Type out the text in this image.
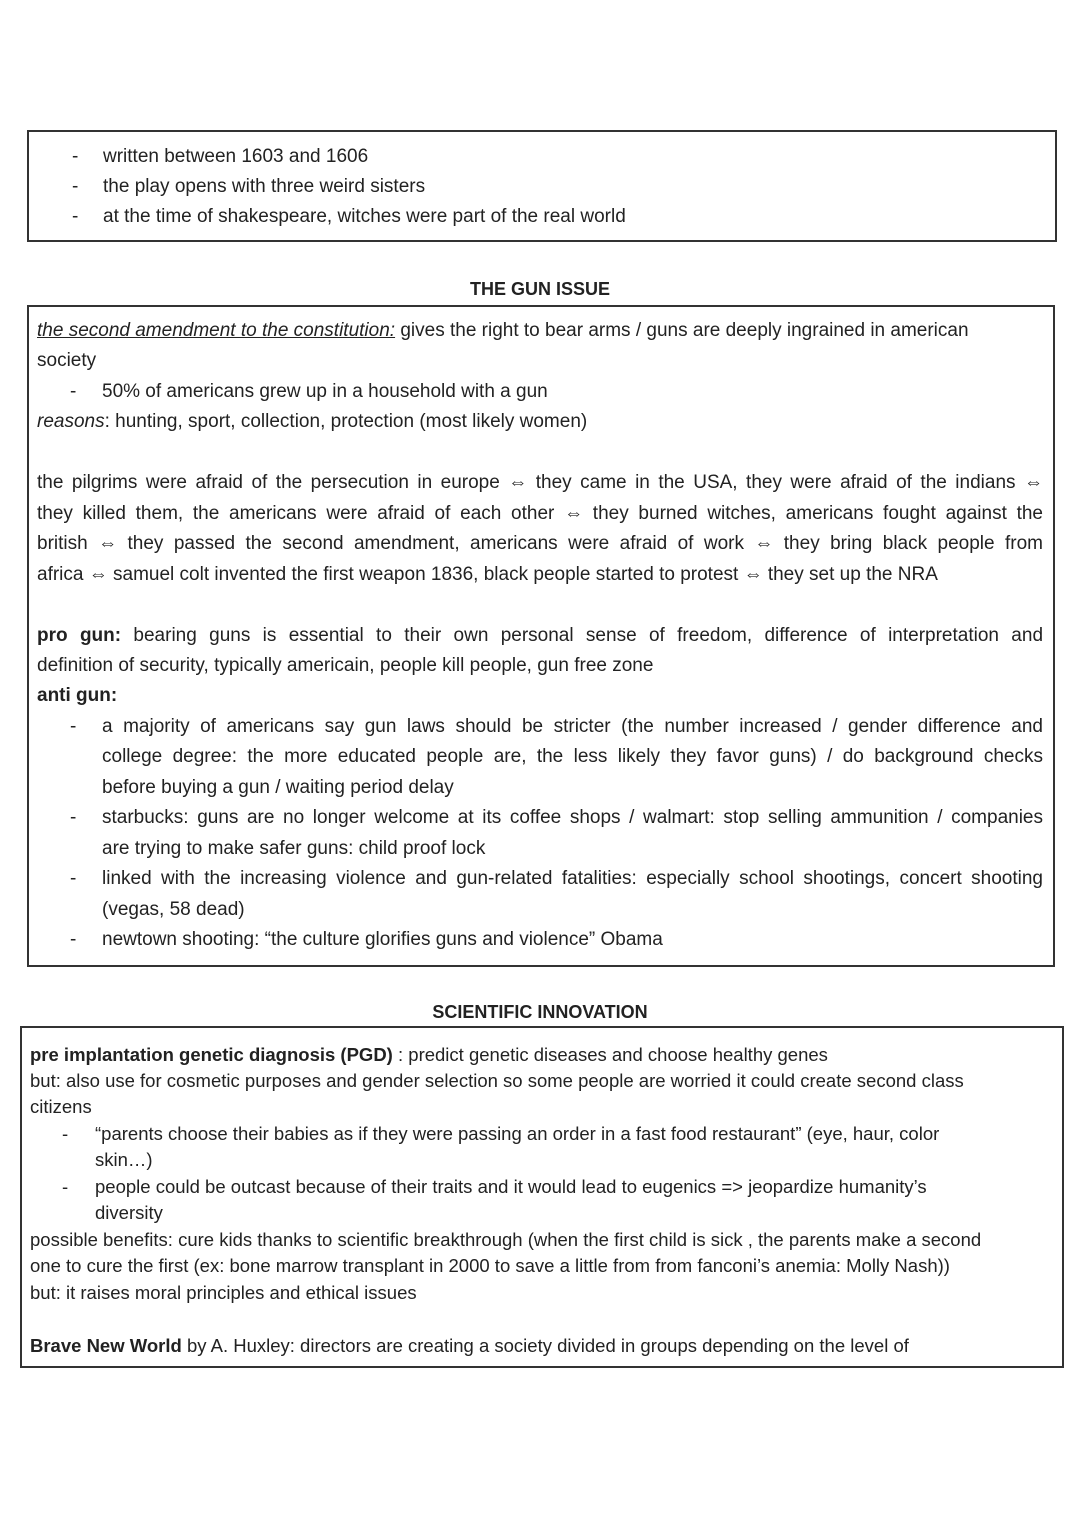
- written between 1603 and 1606
- the play opens with three weird sisters
- at the time of shakespeare, witches were part of the real world
THE GUN ISSUE
the second amendment to the constitution: gives the right to bear arms / guns are deeply ingrained in american
society
- 50% of americans grew up in a household with a gun
reasons: hunting, sport, collection, protection (most likely women)
the pilgrims were afraid of the persecution in europe ⇔ they came in the USA, they were afraid of the indians ⇔
they killed them, the americans were afraid of each other ⇔ they burned witches, americans fought against the
british ⇔ they passed the second amendment, americans were afraid of work ⇔ they bring black people from
africa ⇔ samuel colt invented the first weapon 1836, black people started to protest ⇔ they set up the NRA
pro gun: bearing guns is essential to their own personal sense of freedom, difference of interpretation and
definition of security, typically americain, people kill people, gun free zone
anti gun:
- a majority of americans say gun laws should be stricter (the number increased / gender difference and
college degree: the more educated people are, the less likely they favor guns) / do background checks
before buying a gun / waiting period delay
- starbucks: guns are no longer welcome at its coffee shops / walmart: stop selling ammunition / companies
are trying to make safer guns: child proof lock
- linked with the increasing violence and gun-related fatalities: especially school shootings, concert shooting
(vegas, 58 dead)
- newtown shooting: “the culture glorifies guns and violence” Obama
SCIENTIFIC INNOVATION
pre implantation genetic diagnosis (PGD) : predict genetic diseases and choose healthy genes
but: also use for cosmetic purposes and gender selection so some people are worried it could create second class
citizens
- “parents choose their babies as if they were passing an order in a fast food restaurant” (eye, haur, color
skin…)
- people could be outcast because of their traits and it would lead to eugenics => jeopardize humanity’s
diversity
possible benefits: cure kids thanks to scientific breakthrough (when the first child is sick , the parents make a second
one to cure the first (ex: bone marrow transplant in 2000 to save a little from from fanconi’s anemia: Molly Nash))
but: it raises moral principles and ethical issues
Brave New World by A. Huxley: directors are creating a society divided in groups depending on the level of
